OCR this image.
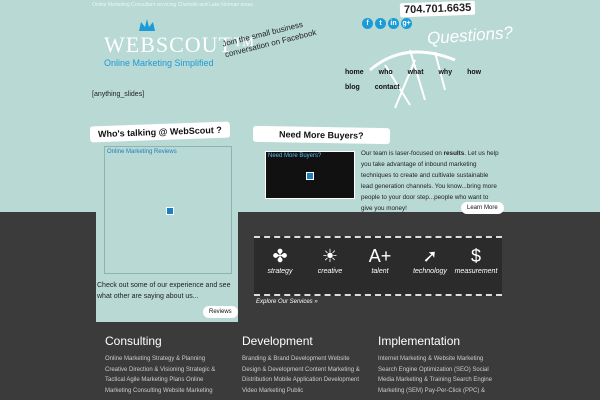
Online Marketing Consultant servicing Charlotte and Lake Norman areas	704.701.6635
WEBSCOUT™
Online Marketing Simplified
Join the small business conversation on Facebook
f	t	in g+ Questions?
home who what why how blog contact
[anything_slides]
Who's talking @ WebScout ?
Online Marketing Reviews
Check out some of our experience and see what other are saying about us...
Reviews
Need More Buyers?
Need More Buyers?	Our team is laser-focused on results. Let us help you take advantage of inbound marketing techniques to create and cultivate sustainable lead generation channels. You know...bring more people to your door step...people who want to give you money!	Learn More
✤
strategy
☀
creative
A+
talent
➚
technology
$
measurement
Explore Our Services »
Consulting
Online Marketing Strategy & Planning Creative Direction & Visioning Strategic & Tactical Agile Marketing Plans Online Marketing Consulting Website Marketing
Development
Branding & Brand Development Website Design & Development Content Marketing & Distribution Mobile Application Development Video Marketing Public
Implementation
Internet Marketing & Website Marketing Search Engine Optimization (SEO) Social Media Marketing & Training Search Engine Marketing (SEM) Pay-Per-Click (PPC) &
